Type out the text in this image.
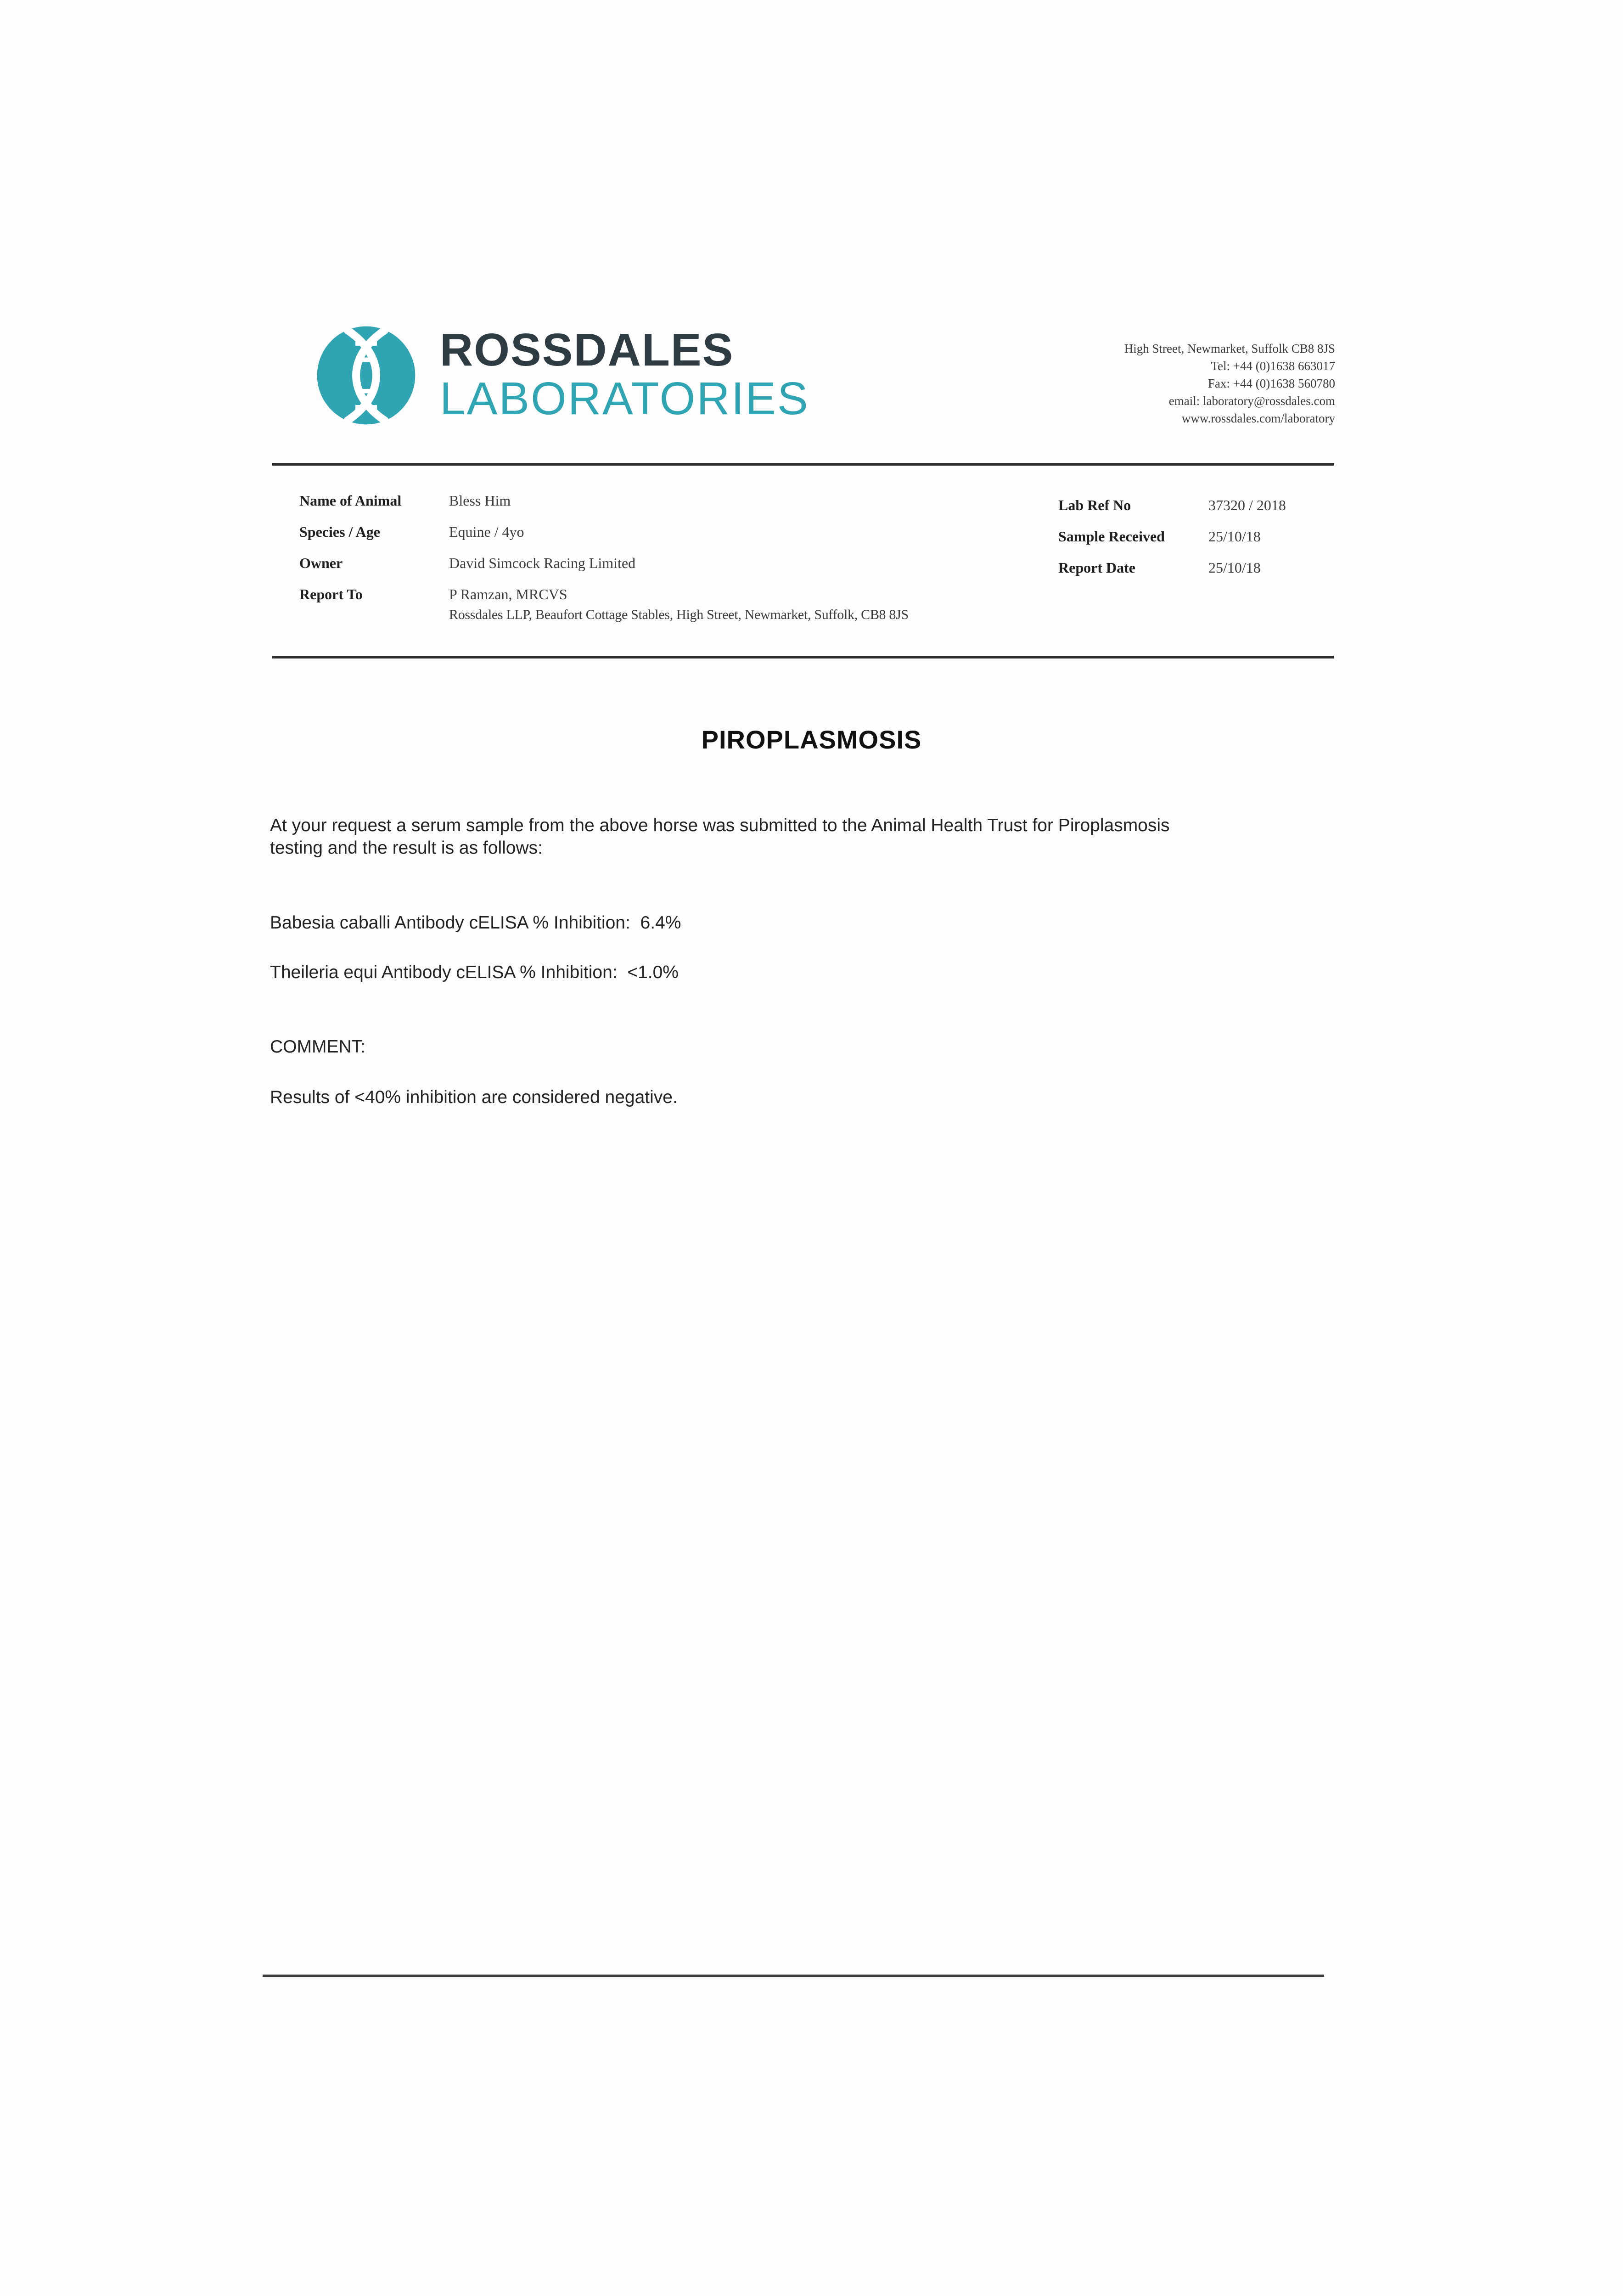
ROSSDALES
LABORATORIES
High Street, Newmarket, Suffolk CB8 8JS
Tel: +44 (0)1638 663017
Fax: +44 (0)1638 560780
email: laboratory@rossdales.com
www.rossdales.com/laboratory
Name of Animal	Bless Him
Species / Age	Equine / 4yo
Owner	David Simcock Racing Limited
Report To	P Ramzan, MRCVS
Rossdales LLP, Beaufort Cottage Stables, High Street, Newmarket, Suffolk, CB8 8JS
Lab Ref No	37320 / 2018
Sample Received	25/10/18
Report Date	25/10/18
PIROPLASMOSIS
At your request a serum sample from the above horse was submitted to the Animal Health Trust for Piroplasmosis
testing and the result is as follows:
Babesia caballi Antibody cELISA % Inhibition: 6.4%
Theileria equi Antibody cELISA % Inhibition: <1.0%
COMMENT:
Results of <40% inhibition are considered negative.
